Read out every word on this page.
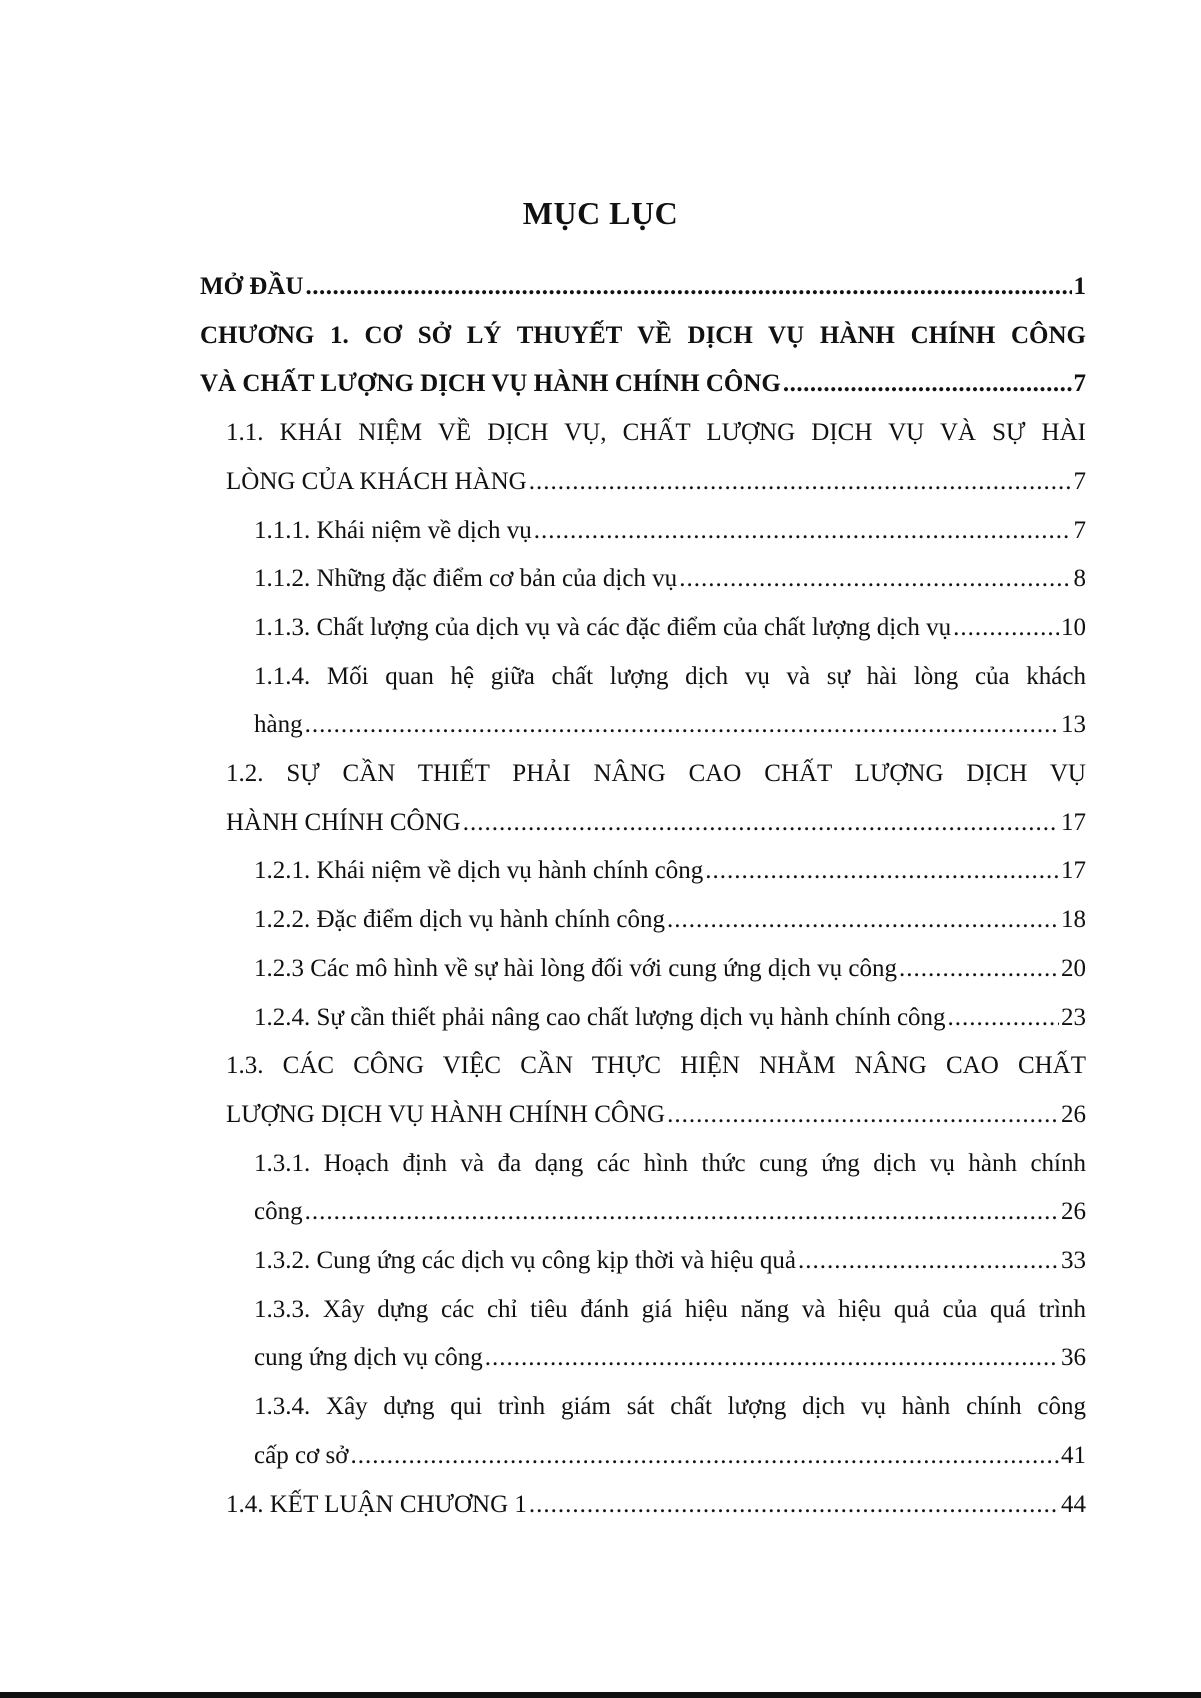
MỤC LỤC
MỞ ĐẦU .....	1
CHƯƠNG 1. CƠ SỞ LÝ THUYẾT VỀ DỊCH VỤ HÀNH CHÍNH CÔNG
VÀ CHẤT LƯỢNG DỊCH VỤ HÀNH CHÍNH CÔNG .....	7
1.1. KHÁI NIỆM VỀ DỊCH VỤ, CHẤT LƯỢNG DỊCH VỤ VÀ SỰ HÀI
LÒNG CỦA KHÁCH HÀNG .....	7
1.1.1. Khái niệm về dịch vụ .....	7
1.1.2. Những đặc điểm cơ bản của dịch vụ .....	8
1.1.3. Chất lượng của dịch vụ và các đặc điểm của chất lượng dịch vụ .....	10
1.1.4. Mối quan hệ giữa chất lượng dịch vụ và sự hài lòng của khách
hàng .....	13
1.2. SỰ CẦN THIẾT PHẢI NÂNG CAO CHẤT LƯỢNG DỊCH VỤ
HÀNH CHÍNH CÔNG .....	17
1.2.1. Khái niệm về dịch vụ hành chính công .....	17
1.2.2. Đặc điểm dịch vụ hành chính công .....	18
1.2.3 Các mô hình về sự hài lòng đối với cung ứng dịch vụ công .....	20
1.2.4. Sự cần thiết phải nâng cao chất lượng dịch vụ hành chính công .....	23
1.3. CÁC CÔNG VIỆC CẦN THỰC HIỆN NHẰM NÂNG CAO CHẤT
LƯỢNG DỊCH VỤ HÀNH CHÍNH CÔNG .....	26
1.3.1. Hoạch định và đa dạng các hình thức cung ứng dịch vụ hành chính
công .....	26
1.3.2. Cung ứng các dịch vụ công kịp thời và hiệu quả .....	33
1.3.3. Xây dựng các chỉ tiêu đánh giá hiệu năng và hiệu quả của quá trình
cung ứng dịch vụ công .....	36
1.3.4. Xây dựng qui trình giám sát chất lượng dịch vụ hành chính công
cấp cơ sở .....	41
1.4. KẾT LUẬN CHƯƠNG 1 .....	44
